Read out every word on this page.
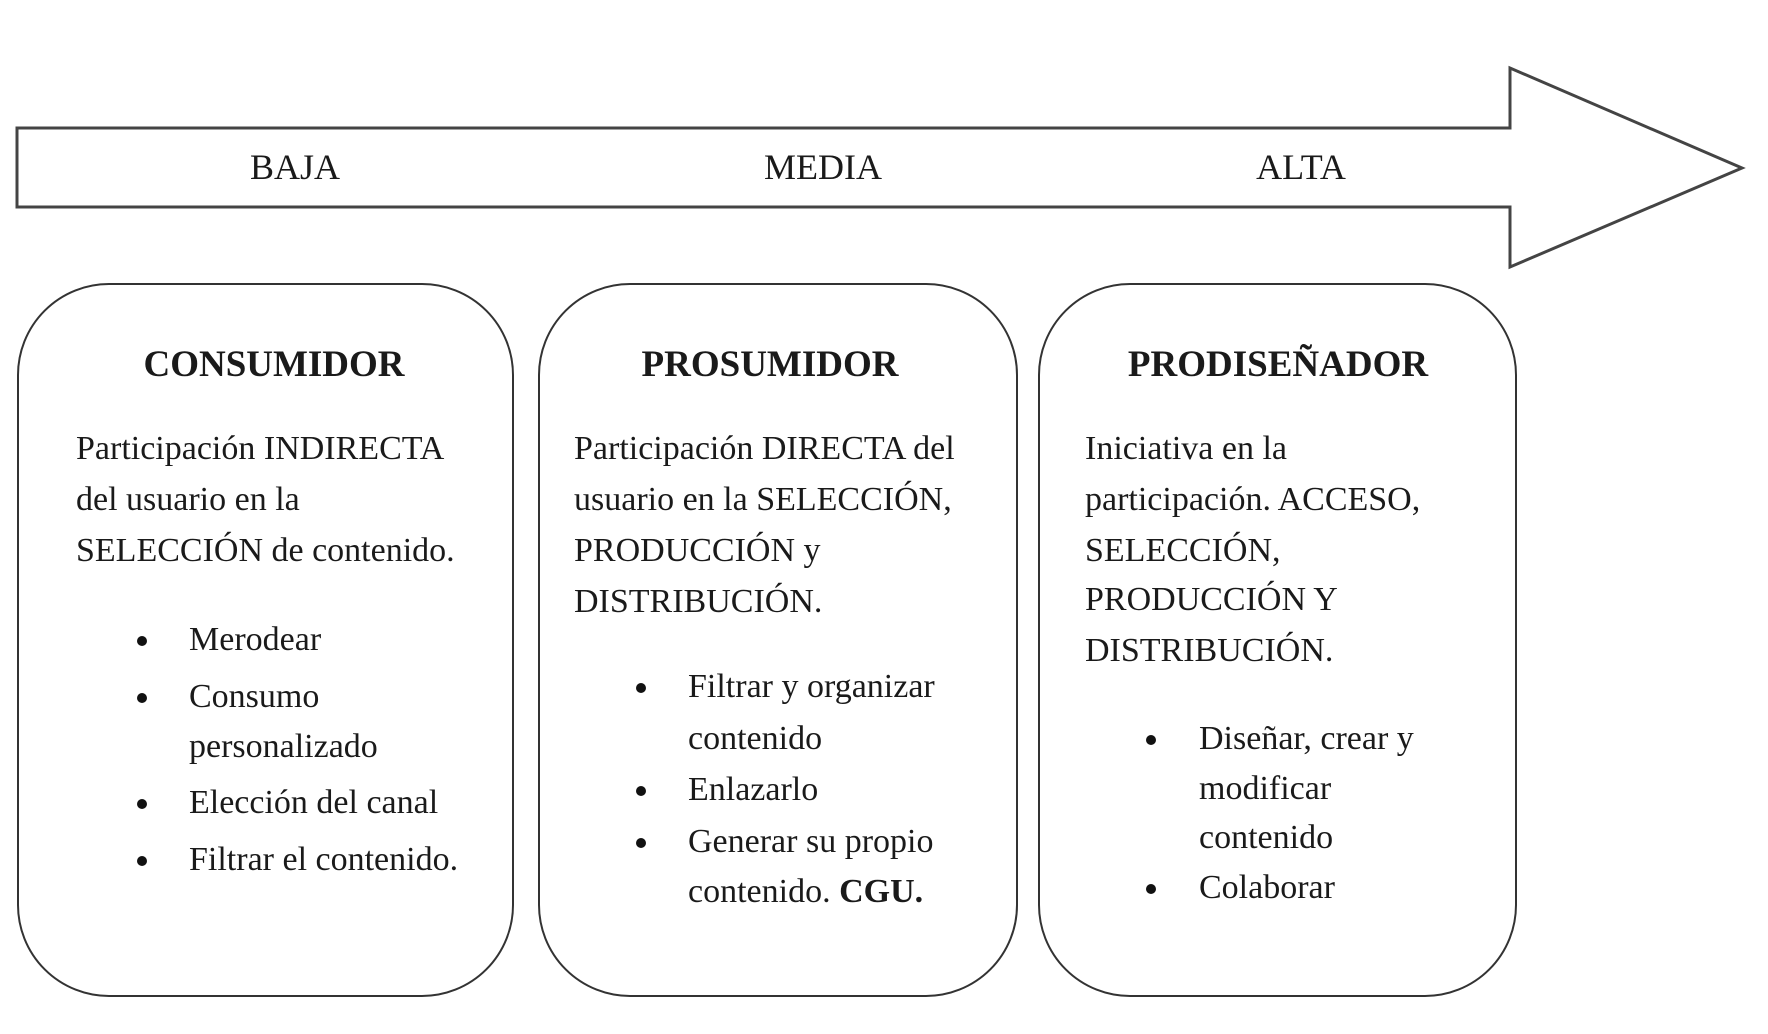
BAJA	MEDIA	ALTA
CONSUMIDOR
Participación INDIRECTA
del usuario en la
SELECCIÓN de contenido.
Merodear
Consumo
personalizado
Elección del canal
Filtrar el contenido.
PROSUMIDOR
Participación DIRECTA del
usuario en la SELECCIÓN,
PRODUCCIÓN y
DISTRIBUCIÓN.
Filtrar y organizar
contenido
Enlazarlo
Generar su propio
contenido. CGU.
PRODISEÑADOR
Iniciativa en la
participación. ACCESO,
SELECCIÓN,
PRODUCCIÓN Y
DISTRIBUCIÓN.
Diseñar, crear y
modificar
contenido
Colaborar
